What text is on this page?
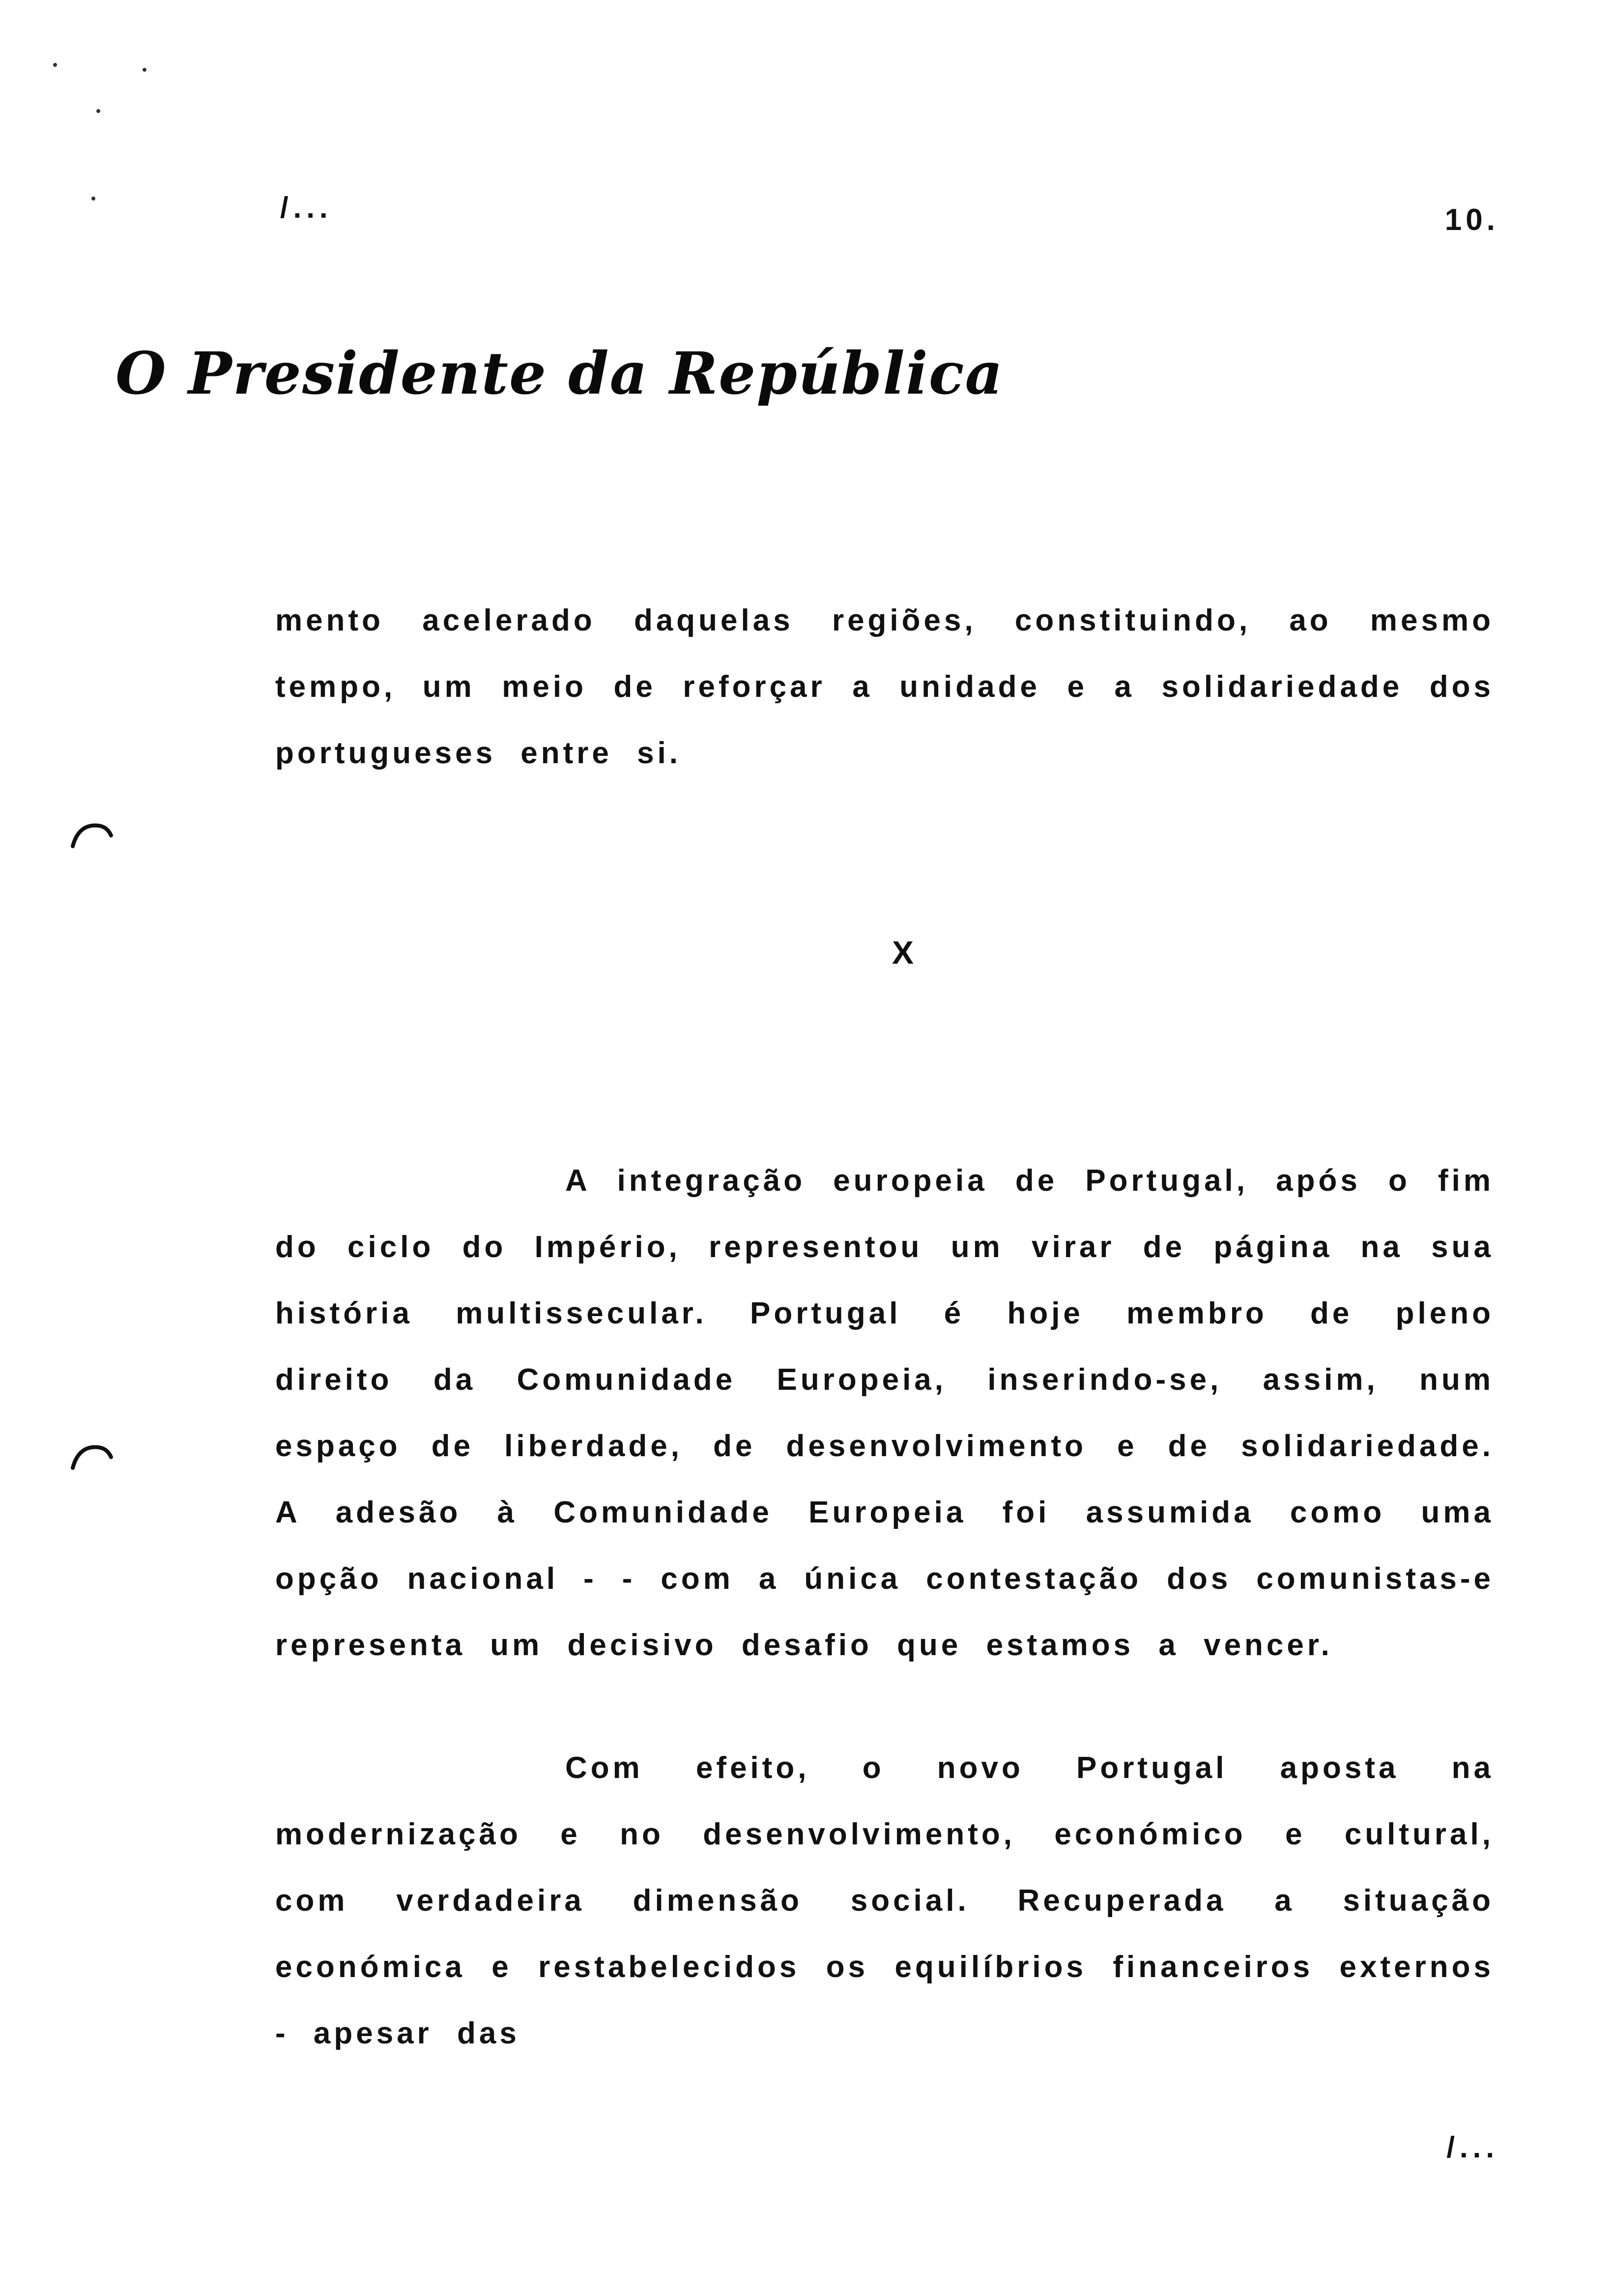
/...	10.
O Presidente da República

mento acelerado daquelas regiões, constituindo, ao mesmo tempo, um meio de reforçar a unidade e a solidariedade dos portugueses entre si.

X

A integração europeia de Portugal, após o fim do ciclo do Império, representou um virar de página na sua história multissecular. Portugal é hoje membro de pleno direito da Comunidade Europeia, inserindo-se, assim, num espaço de liberdade, de desenvolvimento e de solidariedade. A adesão à Comunidade Europeia foi assumida como uma opção nacional - - com a única contestação dos comunistas-e representa um decisivo desafio que estamos a vencer.

Com efeito, o novo Portugal aposta na modernização e no desenvolvimento, económico e cultural, com verdadeira dimensão social. Recuperada a situação económica e restabelecidos os equilíbrios financeiros externos - apesar das

/...
